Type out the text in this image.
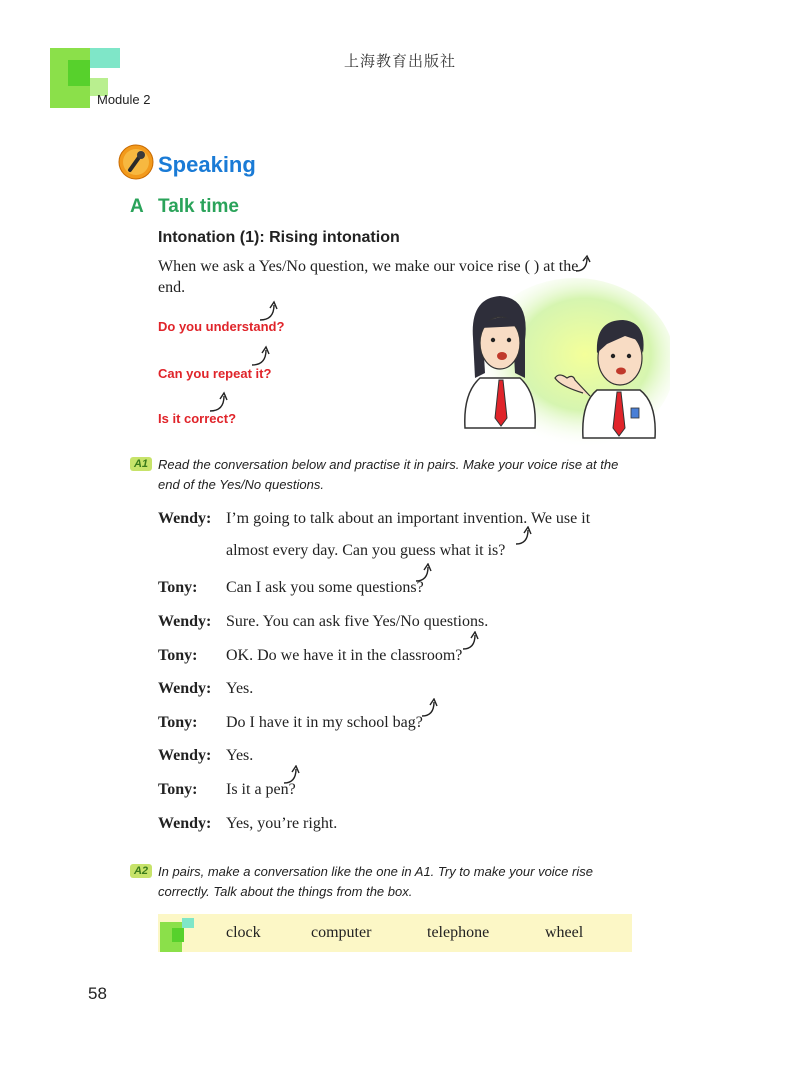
上海教育出版社
Module 2
Speaking
A Talk time
Intonation (1): Rising intonation
When we ask a Yes/No question, we make our voice rise ( ) at the
end.
Do you understand?
Can you repeat it?
Is it correct?
A1 Read the conversation below and practise it in pairs. Make your voice rise at the
end of the Yes/No questions.
Wendy: I’m going to talk about an important invention. We use it
almost every day. Can you guess what it is?
Tony: Can I ask you some questions?
Wendy: Sure. You can ask five Yes/No questions.
Tony: OK. Do we have it in the classroom?
Wendy: Yes.
Tony: Do I have it in my school bag?
Wendy: Yes.
Tony: Is it a pen?
Wendy: Yes, you’re right.
A2 In pairs, make a conversation like the one in A1. Try to make your voice rise
correctly. Talk about the things from the box.
clock	computer	telephone	wheel
58
